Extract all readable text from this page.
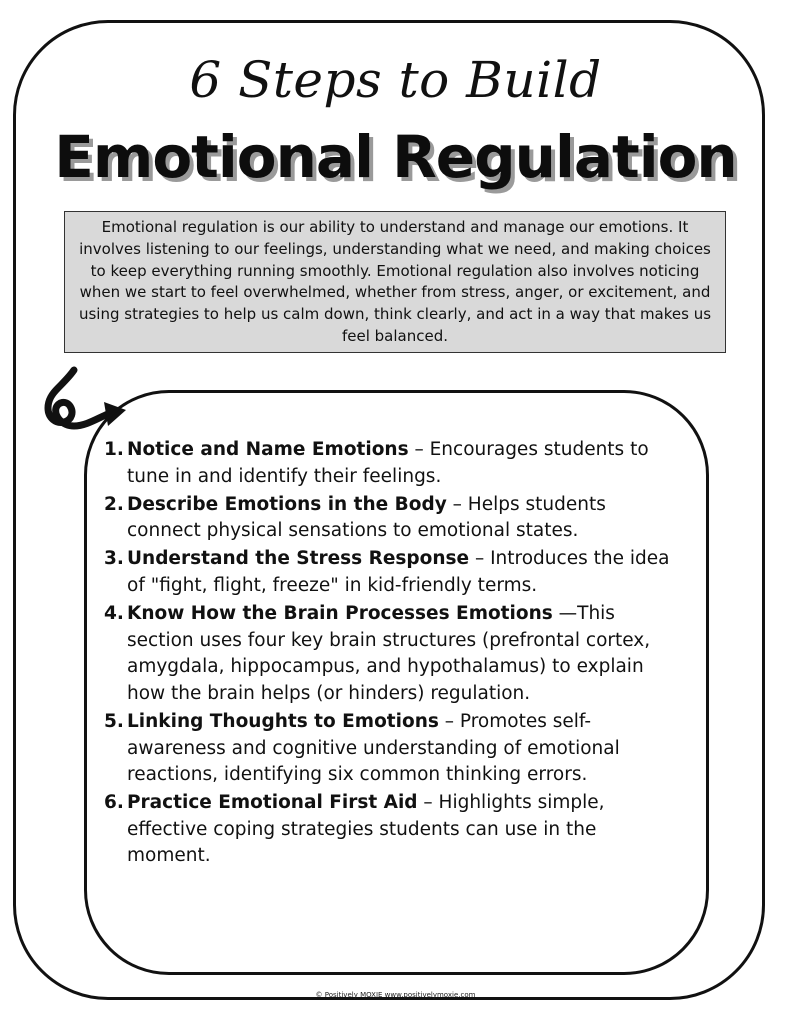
6 Steps to Build
Emotional Regulation
Emotional regulation is our ability to understand and manage our emotions. It involves listening to our feelings, understanding what we need, and making choices to keep everything running smoothly. Emotional regulation also involves noticing when we start to feel overwhelmed, whether from stress, anger, or excitement, and using strategies to help us calm down, think clearly, and act in a way that makes us feel balanced.
1. Notice and Name Emotions – Encourages students to tune in and identify their feelings.
2. Describe Emotions in the Body – Helps students connect physical sensations to emotional states.
3. Understand the Stress Response – Introduces the idea of "fight, flight, freeze" in kid-friendly terms.
4. Know How the Brain Processes Emotions —This section uses four key brain structures (prefrontal cortex, amygdala, hippocampus, and hypothalamus) to explain how the brain helps (or hinders) regulation.
5. Linking Thoughts to Emotions – Promotes self-awareness and cognitive understanding of emotional reactions, identifying six common thinking errors.
6. Practice Emotional First Aid – Highlights simple, effective coping strategies students can use in the moment.
© Positively MOXIE www.positivelymoxie.com
